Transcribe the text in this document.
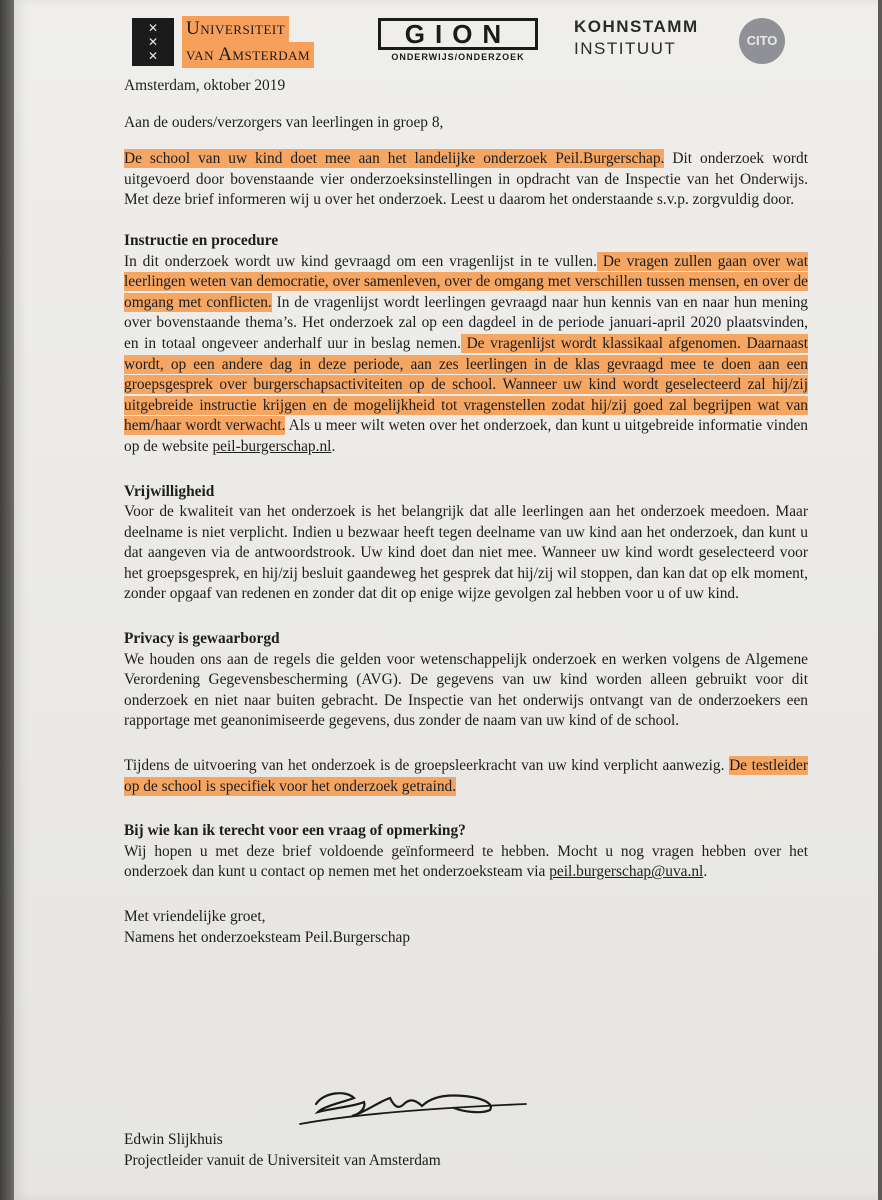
✕
✕
✕
Universiteit
van Amsterdam
GION
ONDERWIJS/ONDERZOEK
KOHNSTAMM
INSTITUUT	CITO

Amsterdam, oktober 2019

Aan de ouders/verzorgers van leerlingen in groep 8,

De school van uw kind doet mee aan het landelijke onderzoek Peil.Burgerschap. Dit onderzoek wordt uitgevoerd door bovenstaande vier onderzoeksinstellingen in opdracht van de Inspectie van het Onderwijs. Met deze brief informeren wij u over het onderzoek. Leest u daarom het onderstaande s.v.p. zorgvuldig door.

Instructie en procedure

In dit onderzoek wordt uw kind gevraagd om een vragenlijst in te vullen. De vragen zullen gaan over wat leerlingen weten van democratie, over samenleven, over de omgang met verschillen tussen mensen, en over de omgang met conflicten. In de vragenlijst wordt leerlingen gevraagd naar hun kennis van en naar hun mening over bovenstaande thema’s. Het onderzoek zal op een dagdeel in de periode januari-april 2020 plaatsvinden, en in totaal ongeveer anderhalf uur in beslag nemen. De vragenlijst wordt klassikaal afgenomen. Daarnaast wordt, op een andere dag in deze periode, aan zes leerlingen in de klas gevraagd mee te doen aan een groepsgesprek over burgerschapsactiviteiten op de school. Wanneer uw kind wordt geselecteerd zal hij/zij uitgebreide instructie krijgen en de mogelijkheid tot vragenstellen zodat hij/zij goed zal begrijpen wat van hem/haar wordt verwacht. Als u meer wilt weten over het onderzoek, dan kunt u uitgebreide informatie vinden op de website peil-burgerschap.nl.

Vrijwilligheid

Voor de kwaliteit van het onderzoek is het belangrijk dat alle leerlingen aan het onderzoek meedoen. Maar deelname is niet verplicht. Indien u bezwaar heeft tegen deelname van uw kind aan het onderzoek, dan kunt u dat aangeven via de antwoordstrook. Uw kind doet dan niet mee. Wanneer uw kind wordt geselecteerd voor het groepsgesprek, en hij/zij besluit gaandeweg het gesprek dat hij/zij wil stoppen, dan kan dat op elk moment, zonder opgaaf van redenen en zonder dat dit op enige wijze gevolgen zal hebben voor u of uw kind.

Privacy is gewaarborgd

We houden ons aan de regels die gelden voor wetenschappelijk onderzoek en werken volgens de Algemene Verordening Gegevensbescherming (AVG). De gegevens van uw kind worden alleen gebruikt voor dit onderzoek en niet naar buiten gebracht. De Inspectie van het onderwijs ontvangt van de onderzoekers een rapportage met geanonimiseerde gegevens, dus zonder de naam van uw kind of de school.

Tijdens de uitvoering van het onderzoek is de groepsleerkracht van uw kind verplicht aanwezig. De testleider op de school is specifiek voor het onderzoek getraind.

Bij wie kan ik terecht voor een vraag of opmerking?

Wij hopen u met deze brief voldoende geïnformeerd te hebben. Mocht u nog vragen hebben over het onderzoek dan kunt u contact op nemen met het onderzoeksteam via peil.burgerschap@uva.nl.

Met vriendelijke groet,

Namens het onderzoeksteam Peil.Burgerschap

Edwin Slijkhuis
Projectleider vanuit de Universiteit van Amsterdam
